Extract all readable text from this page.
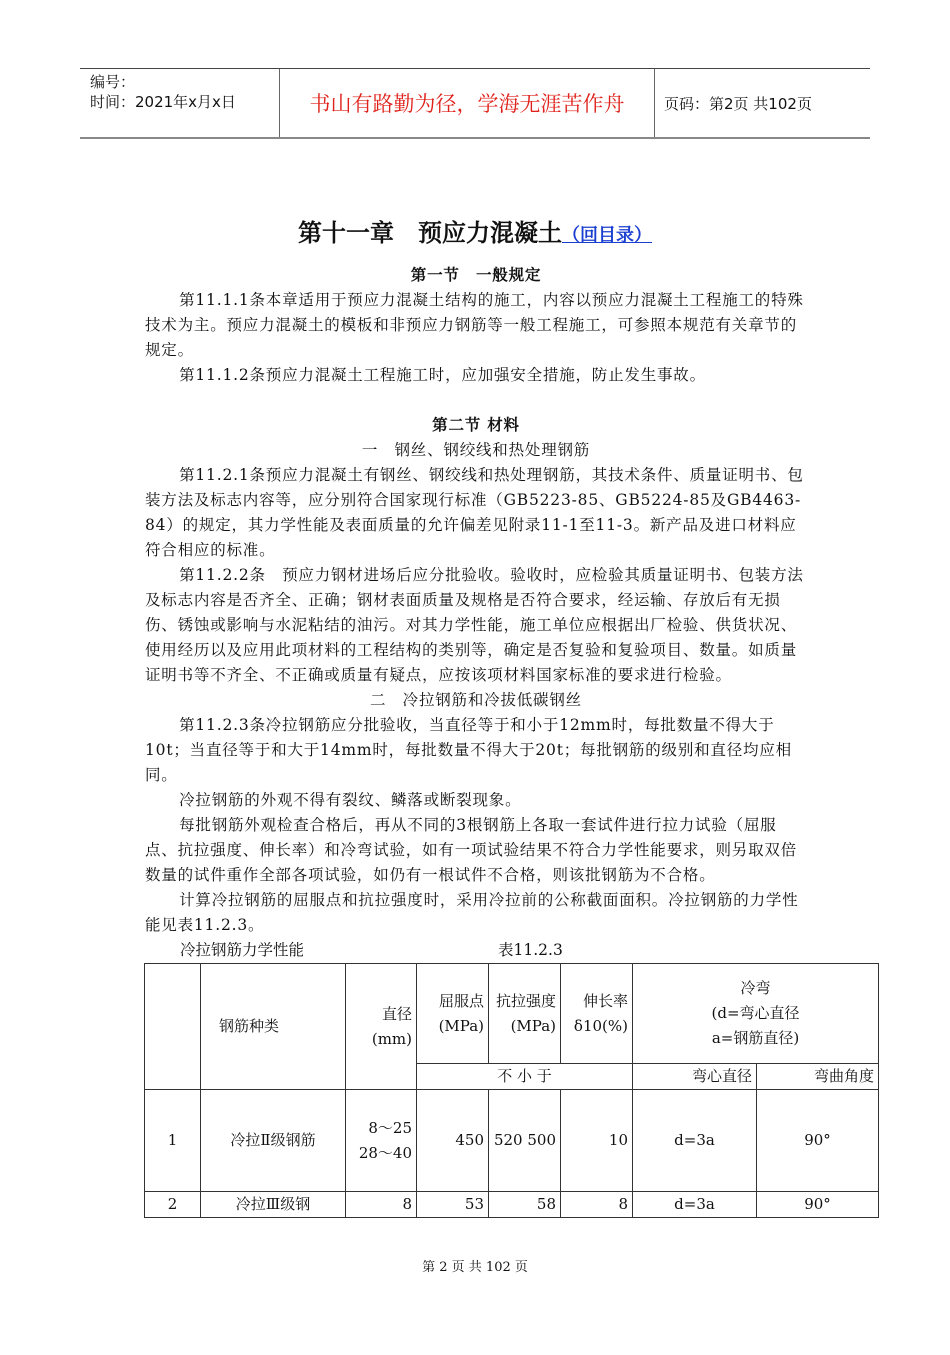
编号：
时间：2021年x月x日	书山有路勤为径，学海无涯苦作舟	页码：第2页 共102页
第十一章　预应力混凝土（回目录）

第一节　一般规定

第11.1.1条本章适用于预应力混凝土结构的施工，内容以预应力混凝土工程施工的特殊技术为主。预应力混凝土的模板和非预应力钢筋等一般工程施工，可参照本规范有关章节的规定。

第11.1.2条预应力混凝土工程施工时，应加强安全措施，防止发生事故。

第二节 材料

一　钢丝、钢绞线和热处理钢筋

第11.2.1条预应力混凝土有钢丝、钢绞线和热处理钢筋，其技术条件、质量证明书、包装方法及标志内容等，应分别符合国家现行标准（GB5223-85、GB5224-85及GB4463-84）的规定，其力学性能及表面质量的允许偏差见附录11-1至11-3。新产品及进口材料应符合相应的标准。

第11.2.2条　预应力钢材进场后应分批验收。验收时，应检验其质量证明书、包装方法及标志内容是否齐全、正确；钢材表面质量及规格是否符合要求，经运输、存放后有无损伤、锈蚀或影响与水泥粘结的油污。对其力学性能，施工单位应根据出厂检验、供货状况、使用经历以及应用此项材料的工程结构的类别等，确定是否复验和复验项目、数量。如质量证明书等不齐全、不正确或质量有疑点，应按该项材料国家标准的要求进行检验。

二　冷拉钢筋和冷拔低碳钢丝

第11.2.3条冷拉钢筋应分批验收，当直径等于和小于12mm时，每批数量不得大于10t；当直径等于和大于14mm时，每批数量不得大于20t；每批钢筋的级别和直径均应相同。

冷拉钢筋的外观不得有裂纹、鳞落或断裂现象。

每批钢筋外观检查合格后，再从不同的3根钢筋上各取一套试件进行拉力试验（屈服点、抗拉强度、伸长率）和冷弯试验，如有一项试验结果不符合力学性能要求，则另取双倍数量的试件重作全部各项试验，如仍有一根试件不合格，则该批钢筋为不合格。

计算冷拉钢筋的屈服点和抗拉强度时，采用冷拉前的公称截面面积。冷拉钢筋的力学性能见表11.2.3。

冷拉钢筋力学性能	表11.2.3
	钢筋种类	直径(mm)	屈服点(MPa)	抗拉强度(MPa)	伸长率δ10(%)	冷弯
(d=弯心直径
a=钢筋直径)	

			不 小 于			弯心直径	弯曲角度
1	冷拉Ⅱ级钢筋	8～25 28～40	450	520 500	10	d=3a	90°
2	冷拉Ⅲ级钢	8	53	58	8	d=3a	90°
第 2 页 共 102 页
